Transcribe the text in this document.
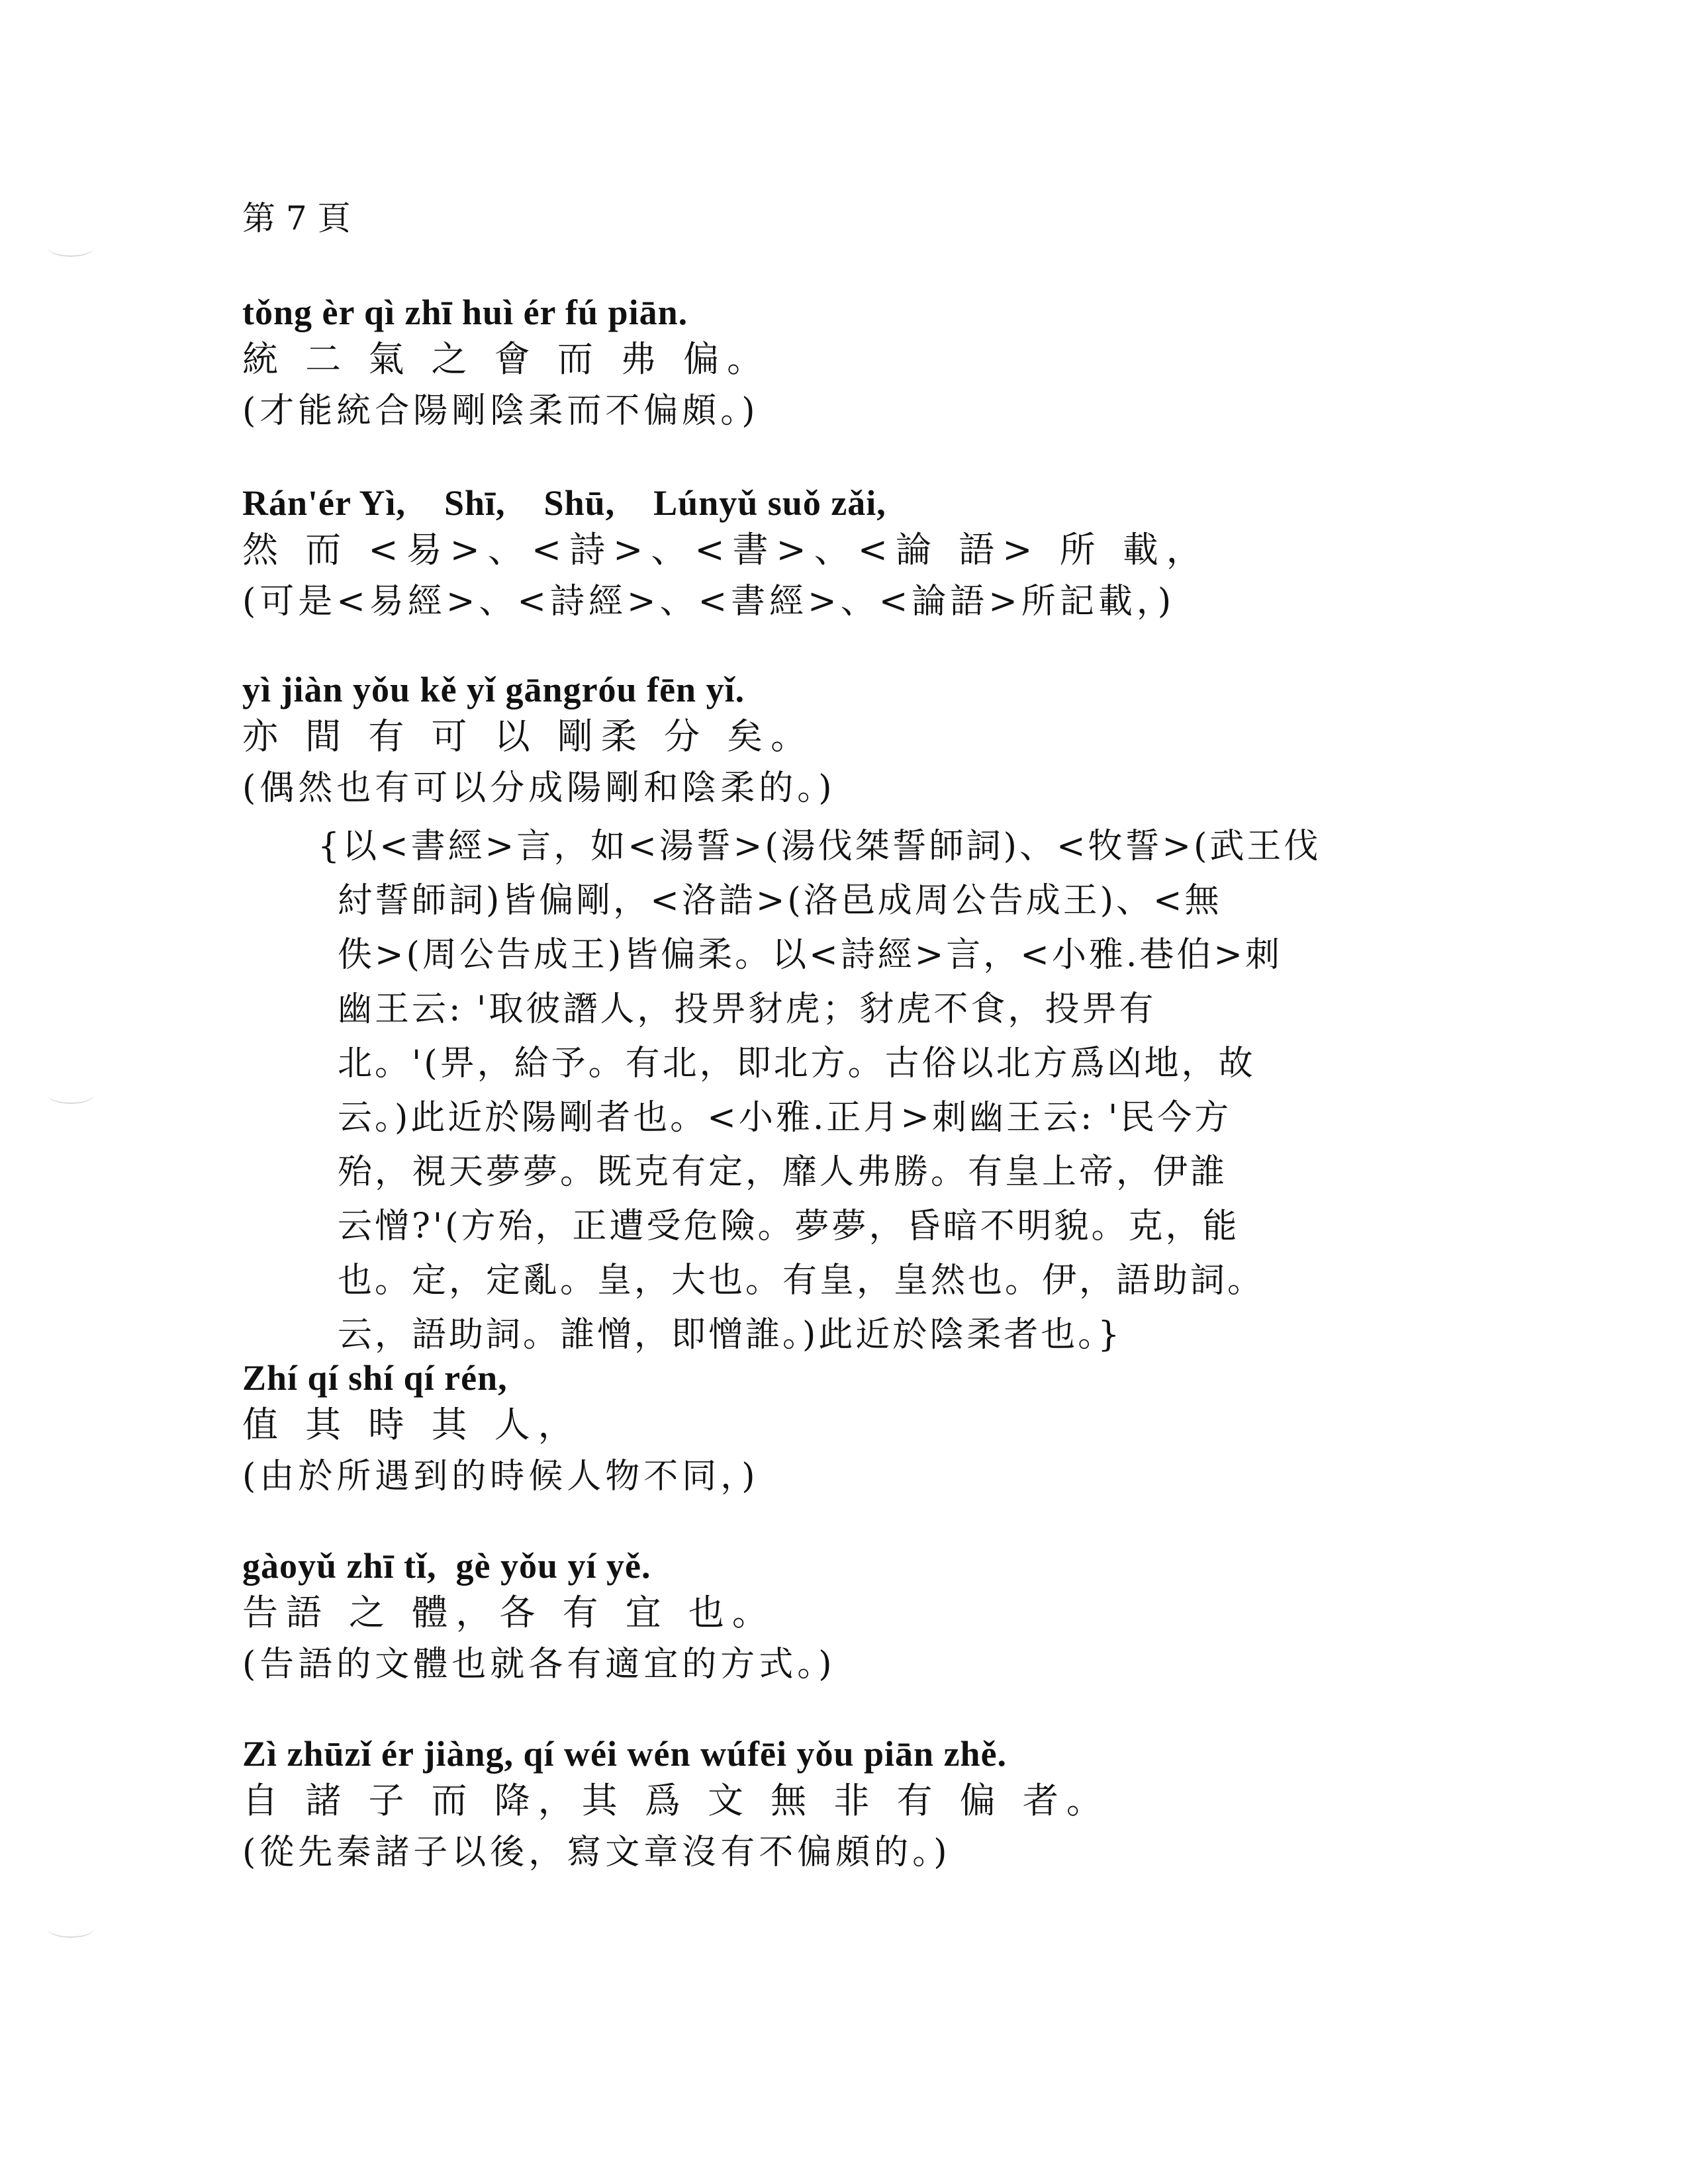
第 7 頁

tǒng èr qì zhī huì ér fú piān.

統 二 氣 之 會 而 弗 偏。

(才能統合陽剛陰柔而不偏頗。)

Rán'ér Yì,    Shī,    Shū,    Lúnyǔ suǒ zǎi,

然 而 <易>、<詩>、<書>、<論 語> 所 載，

(可是<易經>、<詩經>、<書經>、<論語>所記載，)

yì jiàn yǒu kě yǐ gāngróu fēn yǐ.

亦 間 有 可 以 剛柔 分 矣。

(偶然也有可以分成陽剛和陰柔的。)

{以<書經>言，如<湯誓>(湯伐桀誓師詞)、<牧誓>(武王伐

紂誓師詞)皆偏剛，<洛誥>(洛邑成周公告成王)、<無

佚>(周公告成王)皆偏柔。以<詩經>言，<小雅.巷伯>刺

幽王云: '取彼譖人，投畀豺虎；豺虎不食，投畀有

北。'(畀，給予。有北，即北方。古俗以北方爲凶地，故

云。)此近於陽剛者也。<小雅.正月>刺幽王云: '民今方

殆，視天夢夢。既克有定，靡人弗勝。有皇上帝，伊誰

云憎?'(方殆，正遭受危險。夢夢，昏暗不明貌。克，能

也。定，定亂。皇，大也。有皇，皇然也。伊，語助詞。

云，語助詞。誰憎，即憎誰。)此近於陰柔者也。}

Zhí qí shí qí rén,

值 其 時 其 人，

(由於所遇到的時候人物不同，)

gàoyǔ zhī tǐ,  gè yǒu yí yě.

告語 之 體，各 有 宜 也。

(告語的文體也就各有適宜的方式。)

Zì zhūzǐ ér jiàng, qí wéi wén wúfēi yǒu piān zhě.

自 諸 子 而 降，其 爲 文 無 非 有 偏 者。

(從先秦諸子以後，寫文章沒有不偏頗的。)
